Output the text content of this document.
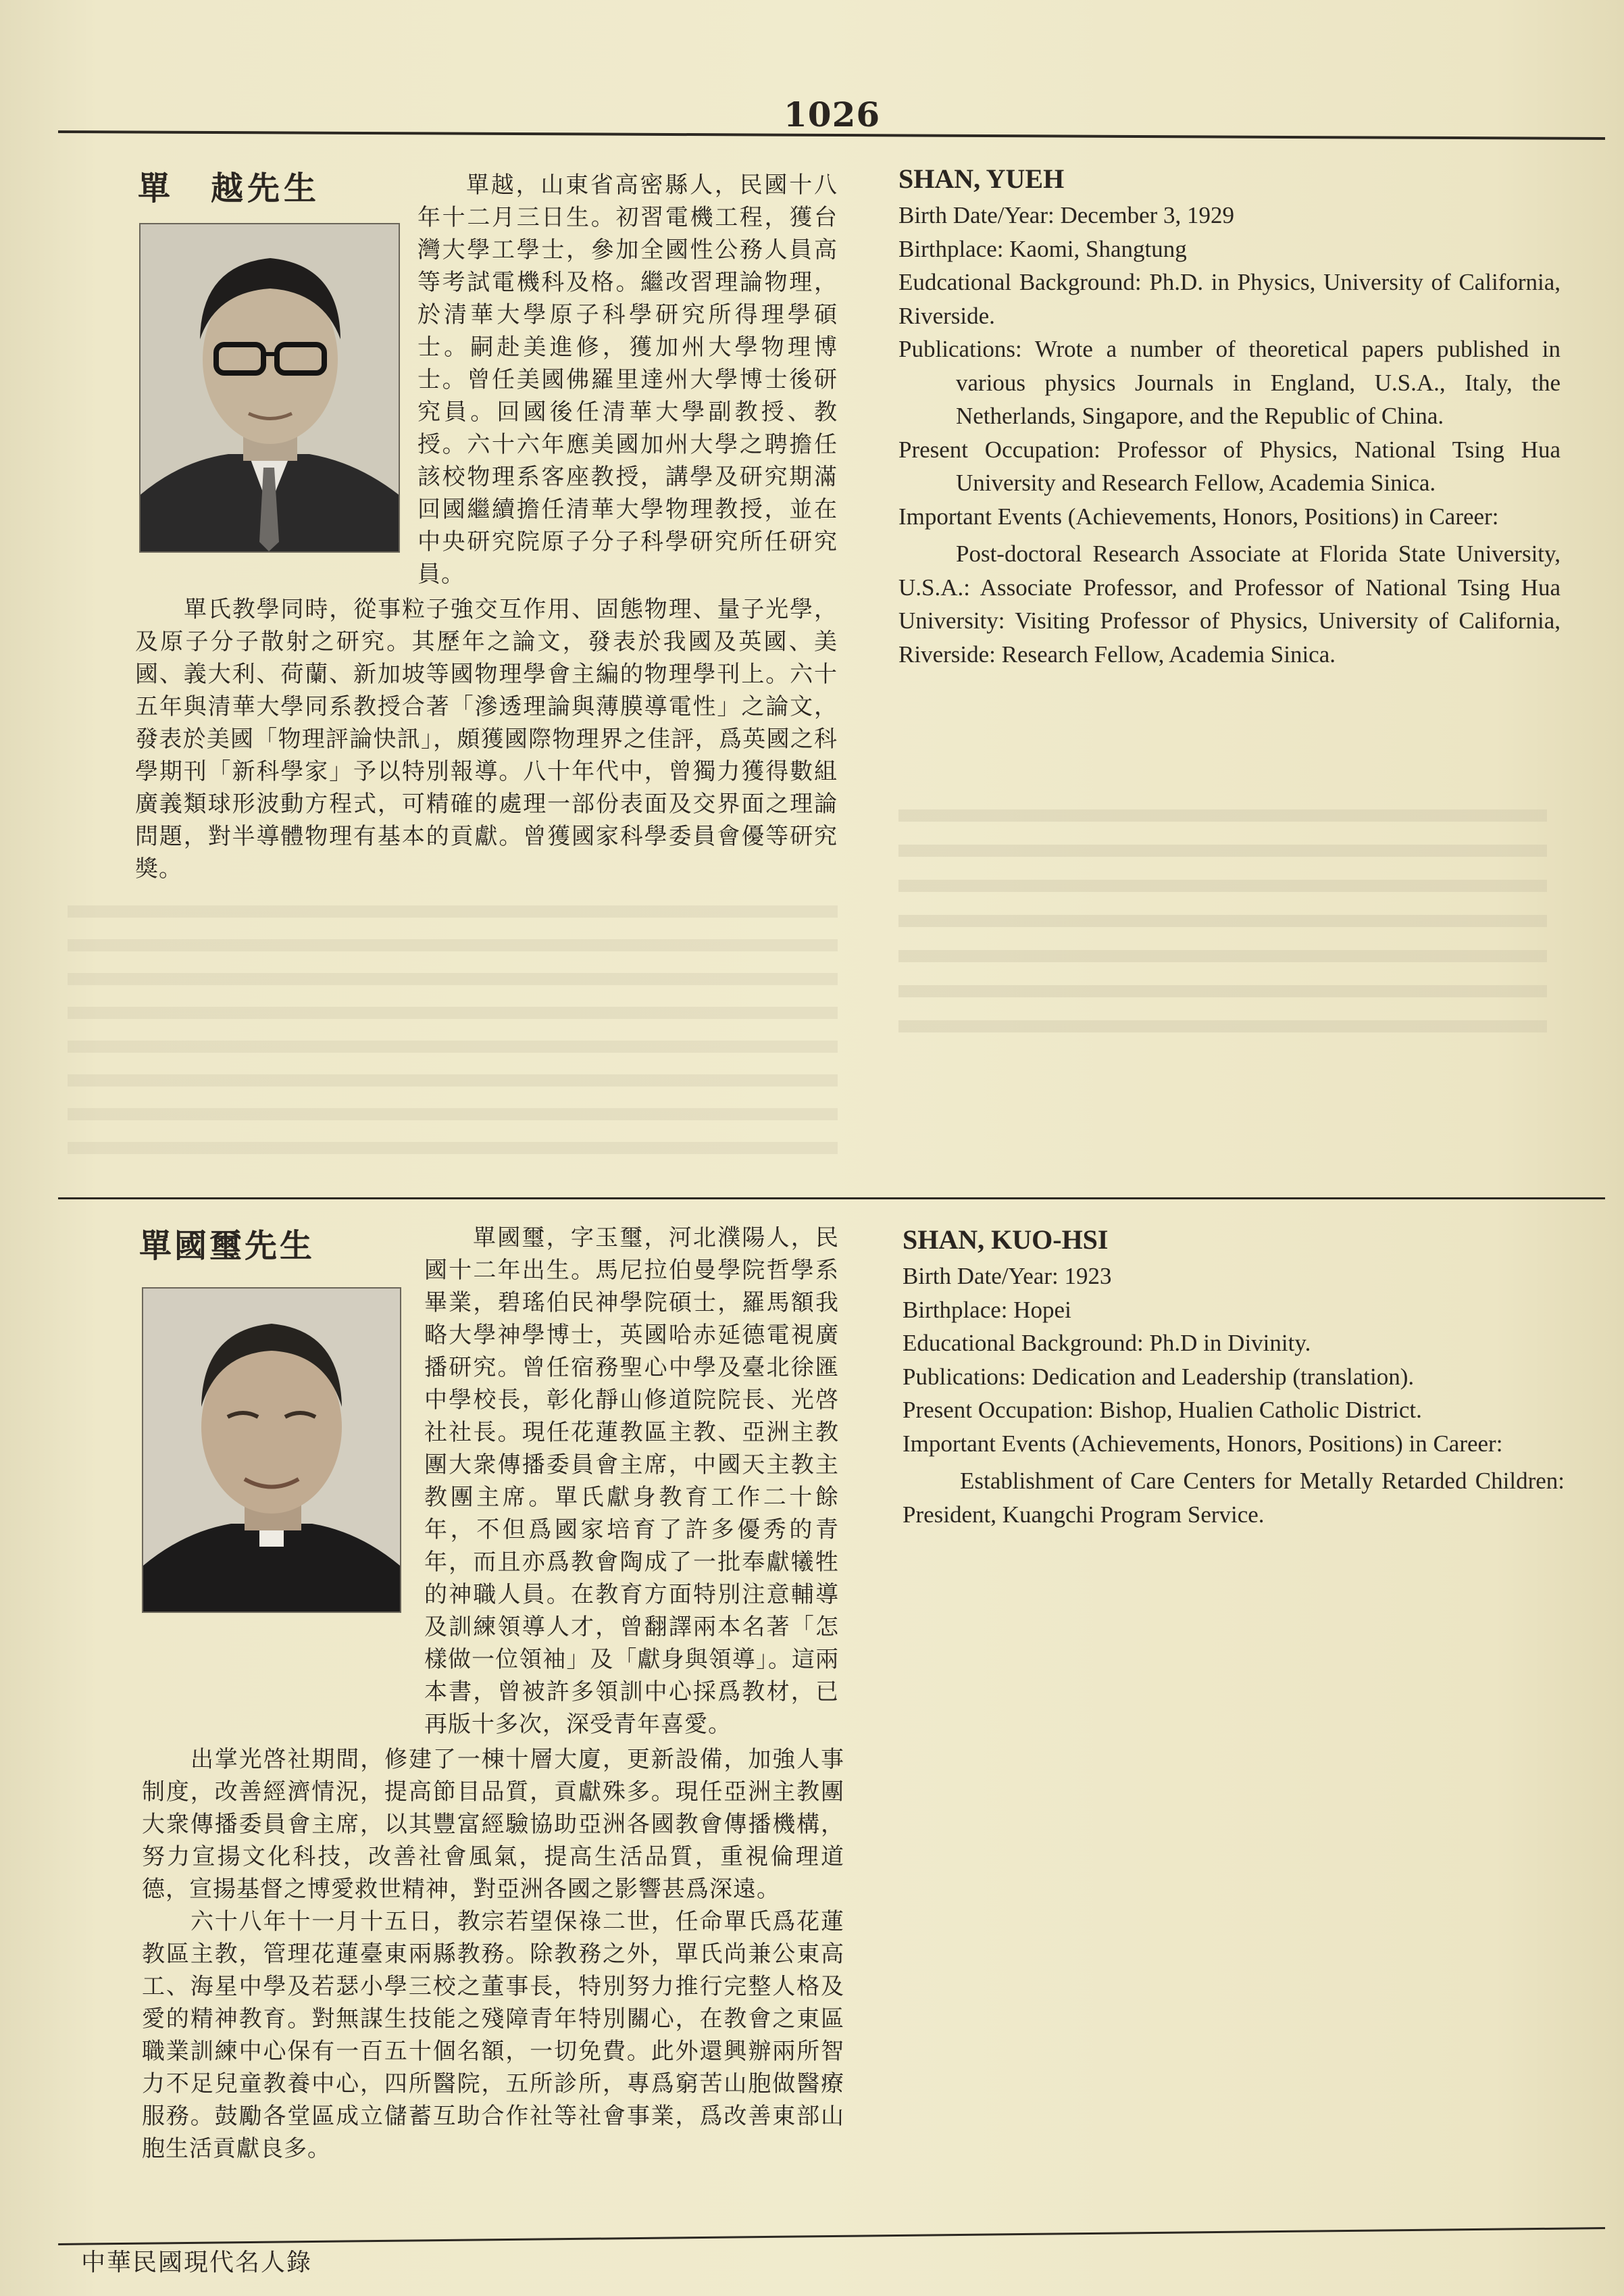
1026
單　越先生	單越，山東省高密縣人，民國十八年十二月三日生。初習電機工程，獲台灣大學工學士，參加全國性公務人員高等考試電機科及格。繼改習理論物理，於清華大學原子科學研究所得理學碩士。嗣赴美進修，獲加州大學物理博士。曾任美國佛羅里達州大學博士後研究員。回國後任清華大學副教授、教授。六十六年應美國加州大學之聘擔任該校物理系客座教授，講學及研究期滿回國繼續擔任清華大學物理教授，並在中央研究院原子分子科學研究所任研究員。

單氏教學同時，從事粒子強交互作用、固態物理、量子光學，及原子分子散射之研究。其歷年之論文，發表於我國及英國、美國、義大利、荷蘭、新加坡等國物理學會主編的物理學刊上。六十五年與清華大學同系教授合著「滲透理論與薄膜導電性」之論文，發表於美國「物理評論快訊」，頗獲國際物理界之佳評，爲英國之科學期刊「新科學家」予以特別報導。八十年代中，曾獨力獲得數組廣義類球形波動方程式，可精確的處理一部份表面及交界面之理論問題，對半導體物理有基本的貢獻。曾獲國家科學委員會優等研究獎。

SHAN, YUEH
Birth Date/Year: December 3, 1929
Birthplace: Kaomi, Shangtung
Eudcational Background: Ph.D. in Physics, University of California, Riverside.
Publications: Wrote a number of theoretical papers published in various physics Journals in England, U.S.A., Italy, the Netherlands, Singapore, and the Republic of China.
Present Occupation: Professor of Physics, National Tsing Hua University and Research Fellow, Academia Sinica.
Important Events (Achievements, Honors, Positions) in Career:
Post-doctoral Research Associate at Florida State University, U.S.A.: Associate Professor, and Professor of National Tsing Hua University: Visiting Professor of Physics, University of California, Riverside: Research Fellow, Academia Sinica.
單國璽先生	單國璽，字玉璽，河北濮陽人，民國十二年出生。馬尼拉伯曼學院哲學系畢業，碧瑤伯民神學院碩士，羅馬額我略大學神學博士，英國哈赤延德電視廣播研究。曾任宿務聖心中學及臺北徐匯中學校長，彰化靜山修道院院長、光啓社社長。現任花蓮教區主教、亞洲主教團大衆傳播委員會主席，中國天主教主教團主席。單氏獻身教育工作二十餘年，不但爲國家培育了許多優秀的青年，而且亦爲教會陶成了一批奉獻犧牲的神職人員。在教育方面特別注意輔導及訓練領導人才，曾翻譯兩本名著「怎樣做一位領袖」及「獻身與領導」。這兩本書，曾被許多領訓中心採爲教材，已再版十多次，深受青年喜愛。

出掌光啓社期間，修建了一棟十層大廈，更新設備，加強人事制度，改善經濟情況，提高節目品質，貢獻殊多。現任亞洲主教團大衆傳播委員會主席，以其豐富經驗協助亞洲各國教會傳播機構，努力宣揚文化科技，改善社會風氣，提高生活品質，重視倫理道德，宣揚基督之博愛救世精神，對亞洲各國之影響甚爲深遠。

六十八年十一月十五日，教宗若望保祿二世，任命單氏爲花蓮教區主教，管理花蓮臺東兩縣教務。除教務之外，單氏尚兼公東高工、海星中學及若瑟小學三校之董事長，特別努力推行完整人格及愛的精神教育。對無謀生技能之殘障青年特別關心，在教會之東區職業訓練中心保有一百五十個名額，一切免費。此外還興辦兩所智力不足兒童教養中心，四所醫院，五所診所，專爲窮苦山胞做醫療服務。鼓勵各堂區成立儲蓄互助合作社等社會事業，爲改善東部山胞生活貢獻良多。

SHAN, KUO-HSI
Birth Date/Year: 1923
Birthplace: Hopei
Educational Background: Ph.D in Divinity.
Publications: Dedication and Leadership (translation).
Present Occupation: Bishop, Hualien Catholic District.
Important Events (Achievements, Honors, Positions) in Career:
Establishment of Care Centers for Metally Retarded Children: President, Kuangchi Program Service.
中華民國現代名人錄
